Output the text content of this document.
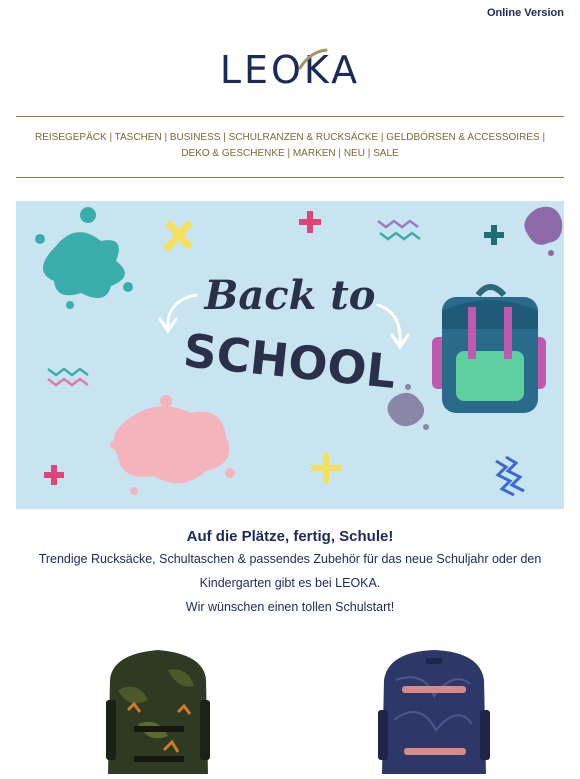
Online Version
LEOKA
REISEGEPÄCK | TASCHEN | BUSINESS | SCHULRANZEN & RUCKSÄCKE | GELDBÖRSEN & ACCESSOIRES | DEKO & GESCHENKE | MARKEN | NEU | SALE
Back to
SCHOOL
Auf die Plätze, fertig, Schule!
Trendige Rucksäcke, Schultaschen & passendes Zubehör für das neue Schuljahr oder den
Kindergarten gibt es bei LEOKA.
Wir wünschen einen tollen Schulstart!
